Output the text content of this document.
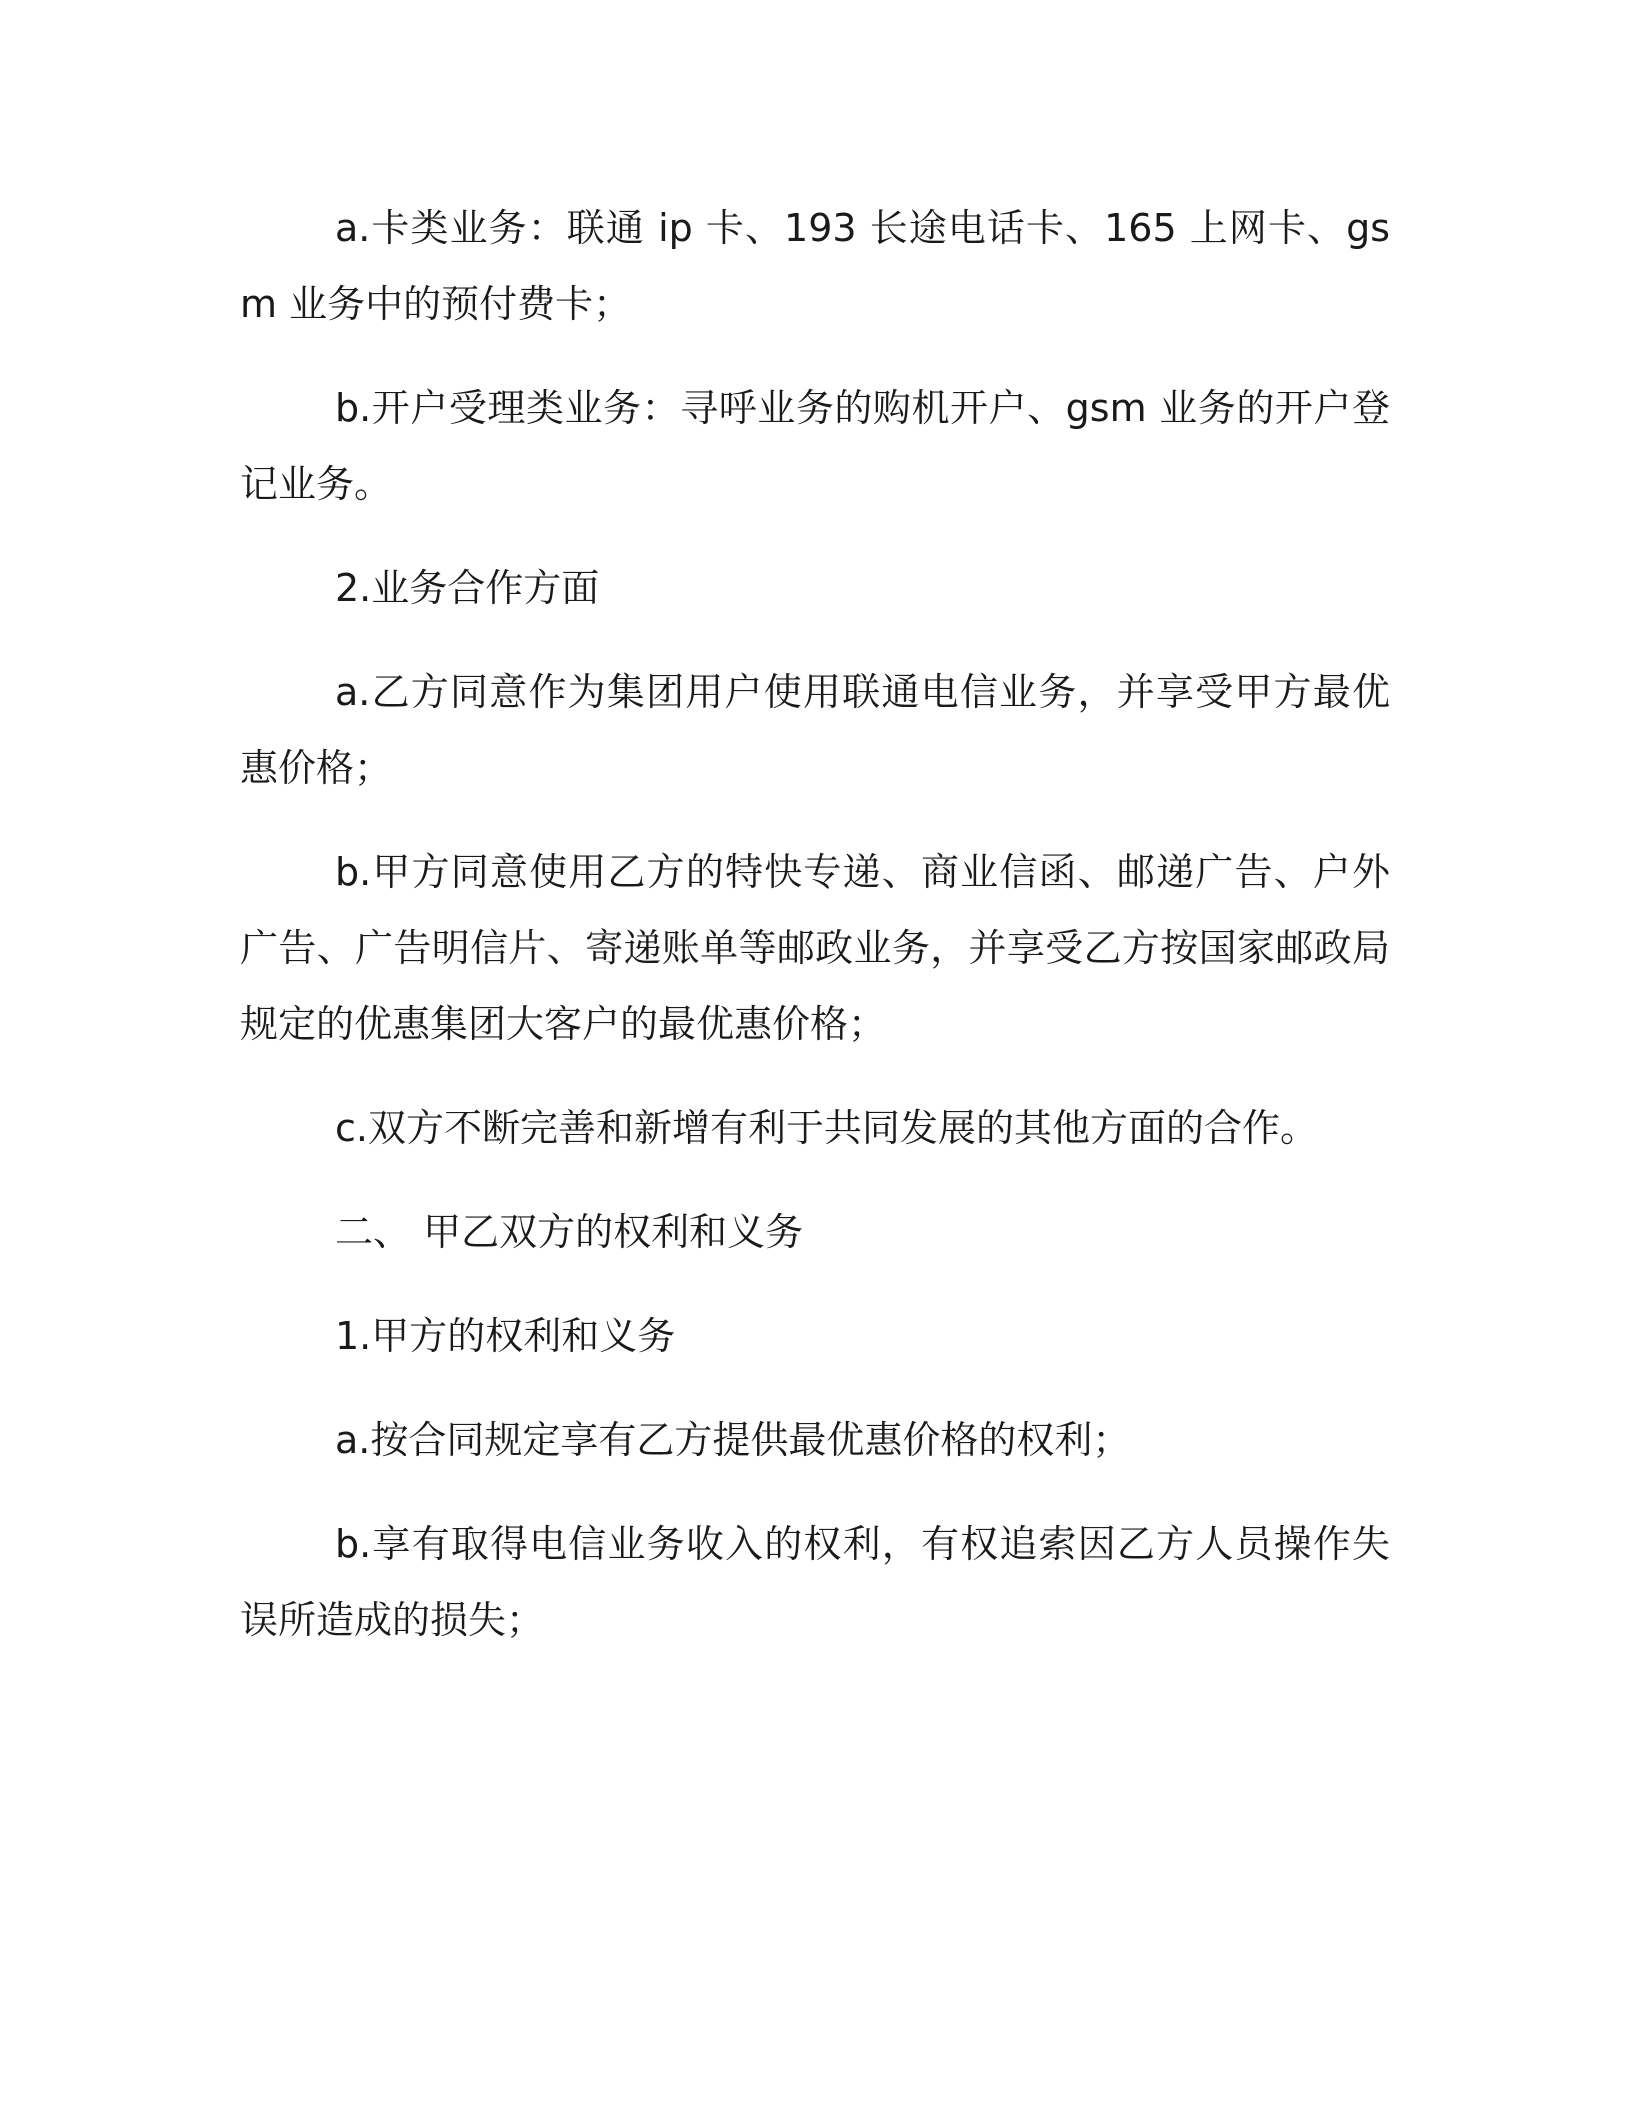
a.卡类业务：联通 ip 卡、193 长途电话卡、165 上网卡、gsm 业务中的预付费卡；

b.开户受理类业务：寻呼业务的购机开户、gsm 业务的开户登记业务。

2.业务合作方面

a.乙方同意作为集团用户使用联通电信业务，并享受甲方最优惠价格；

b.甲方同意使用乙方的特快专递、商业信函、邮递广告、户外广告、广告明信片、寄递账单等邮政业务，并享受乙方按国家邮政局规定的优惠集团大客户的最优惠价格；

c.双方不断完善和新增有利于共同发展的其他方面的合作。

二、 甲乙双方的权利和义务

1.甲方的权利和义务

a.按合同规定享有乙方提供最优惠价格的权利；

b.享有取得电信业务收入的权利，有权追索因乙方人员操作失误所造成的损失；
